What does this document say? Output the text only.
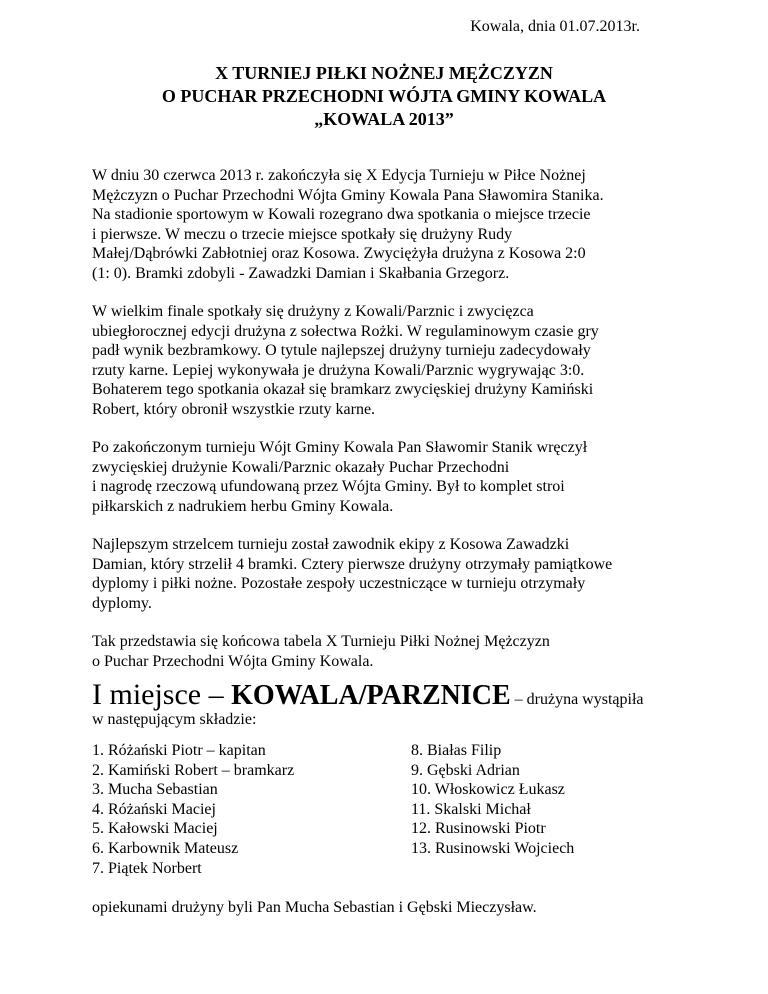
Kowala, dnia 01.07.2013r.
X TURNIEJ PIŁKI NOŻNEJ MĘŻCZYZN
O PUCHAR PRZECHODNI WÓJTA GMINY KOWALA
„KOWALA 2013”
W dniu 30 czerwca 2013 r. zakończyła się X Edycja Turnieju w Piłce Nożnej
Mężczyzn o Puchar Przechodni Wójta Gminy Kowala Pana Sławomira Stanika.
Na stadionie sportowym w Kowali rozegrano dwa spotkania o miejsce trzecie
i pierwsze. W meczu o trzecie miejsce spotkały się drużyny Rudy
Małej/Dąbrówki Zabłotniej oraz Kosowa. Zwyciężyła drużyna z Kosowa 2:0
(1: 0). Bramki zdobyli - Zawadzki Damian i Skałbania Grzegorz.
W wielkim finale spotkały się drużyny z Kowali/Parznic i zwycięzca
ubiegłorocznej edycji drużyna z sołectwa Rożki. W regulaminowym czasie gry
padł wynik bezbramkowy. O tytule najlepszej drużyny turnieju zadecydowały
rzuty karne. Lepiej wykonywała je drużyna Kowali/Parznic wygrywając 3:0.
Bohaterem tego spotkania okazał się bramkarz zwycięskiej drużyny Kamiński
Robert, który obronił wszystkie rzuty karne.
Po zakończonym turnieju Wójt Gminy Kowala Pan Sławomir Stanik wręczył
zwycięskiej drużynie Kowali/Parznic okazały Puchar Przechodni
i nagrodę rzeczową ufundowaną przez Wójta Gminy. Był to komplet stroi
piłkarskich z nadrukiem herbu Gminy Kowala.
Najlepszym strzelcem turnieju został zawodnik ekipy z Kosowa Zawadzki
Damian, który strzelił 4 bramki. Cztery pierwsze drużyny otrzymały pamiątkowe
dyplomy i piłki nożne. Pozostałe zespoły uczestniczące w turnieju otrzymały
dyplomy.
Tak przedstawia się końcowa tabela X Turnieju Piłki Nożnej Mężczyzn
o Puchar Przechodni Wójta Gminy Kowala.
I miejsce – KOWALA/PARZNICE – drużyna wystąpiła
w następującym składzie:
1. Różański Piotr – kapitan
2. Kamiński Robert – bramkarz
3. Mucha Sebastian
4. Różański Maciej
5. Kałowski Maciej
6. Karbownik Mateusz
7. Piątek Norbert
8. Białas Filip
9. Gębski Adrian
10. Włoskowicz Łukasz
11. Skalski Michał
12. Rusinowski Piotr
13. Rusinowski Wojciech
opiekunami drużyny byli Pan Mucha Sebastian i Gębski Mieczysław.
